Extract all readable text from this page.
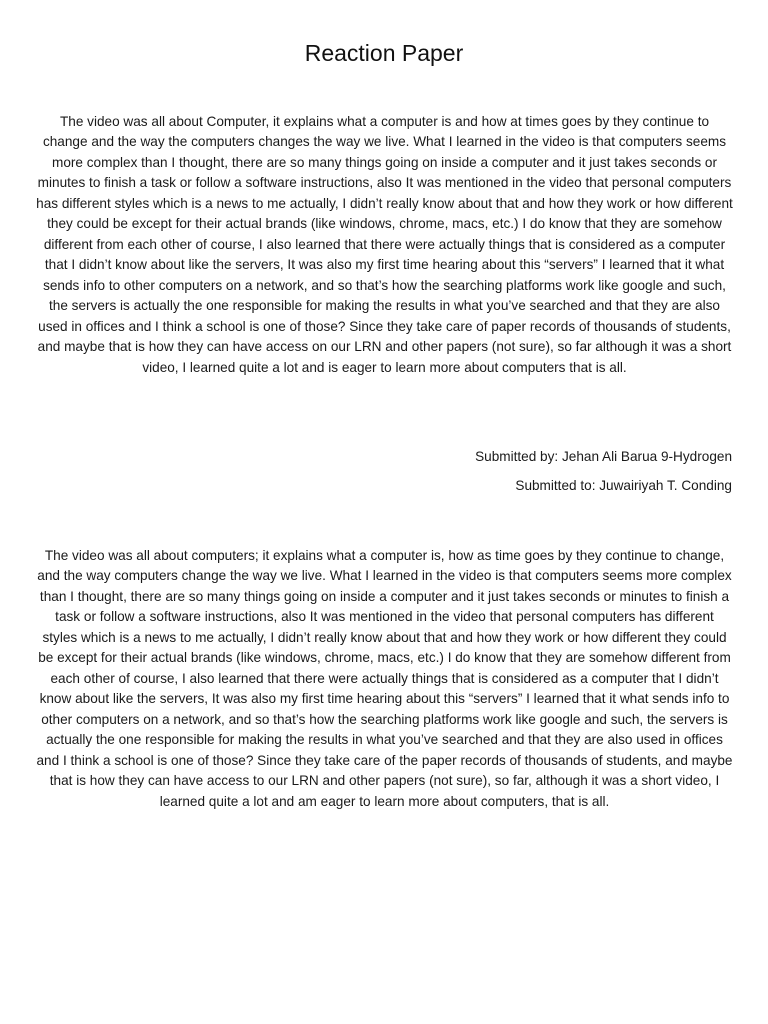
Reaction Paper

The video was all about Computer, it explains what a computer is and how at times goes by they continue to change and the way the computers changes the way we live. What I learned in the video is that computers seems more complex than I thought, there are so many things going on inside a computer and it just takes seconds or minutes to finish a task or follow a software instructions, also It was mentioned in the video that personal computers has different styles which is a news to me actually, I didn’t really know about that and how they work or how different they could be except for their actual brands (like windows, chrome, macs, etc.) I do know that they are somehow different from each other of course, I also learned that there were actually things that is considered as a computer that I didn’t know about like the servers, It was also my first time hearing about this “servers” I learned that it what sends info to other computers on a network, and so that’s how the searching platforms work like google and such, the servers is actually the one responsible for making the results in what you’ve searched and that they are also used in offices and I think a school is one of those? Since they take care of paper records of thousands of students, and maybe that is how they can have access on our LRN and other papers (not sure), so far although it was a short video, I learned quite a lot and is eager to learn more about computers that is all.

Submitted by: Jehan Ali Barua 9-Hydrogen
Submitted to: Juwairiyah T. Conding

The video was all about computers; it explains what a computer is, how as time goes by they continue to change, and the way computers change the way we live. What I learned in the video is that computers seems more complex than I thought, there are so many things going on inside a computer and it just takes seconds or minutes to finish a task or follow a software instructions, also It was mentioned in the video that personal computers has different styles which is a news to me actually, I didn’t really know about that and how they work or how different they could be except for their actual brands (like windows, chrome, macs, etc.) I do know that they are somehow different from each other of course, I also learned that there were actually things that is considered as a computer that I didn’t know about like the servers, It was also my first time hearing about this “servers” I learned that it what sends info to other computers on a network, and so that’s how the searching platforms work like google and such, the servers is actually the one responsible for making the results in what you’ve searched and that they are also used in offices and I think a school is one of those? Since they take care of the paper records of thousands of students, and maybe that is how they can have access to our LRN and other papers (not sure), so far, although it was a short video, I learned quite a lot and am eager to learn more about computers, that is all.
